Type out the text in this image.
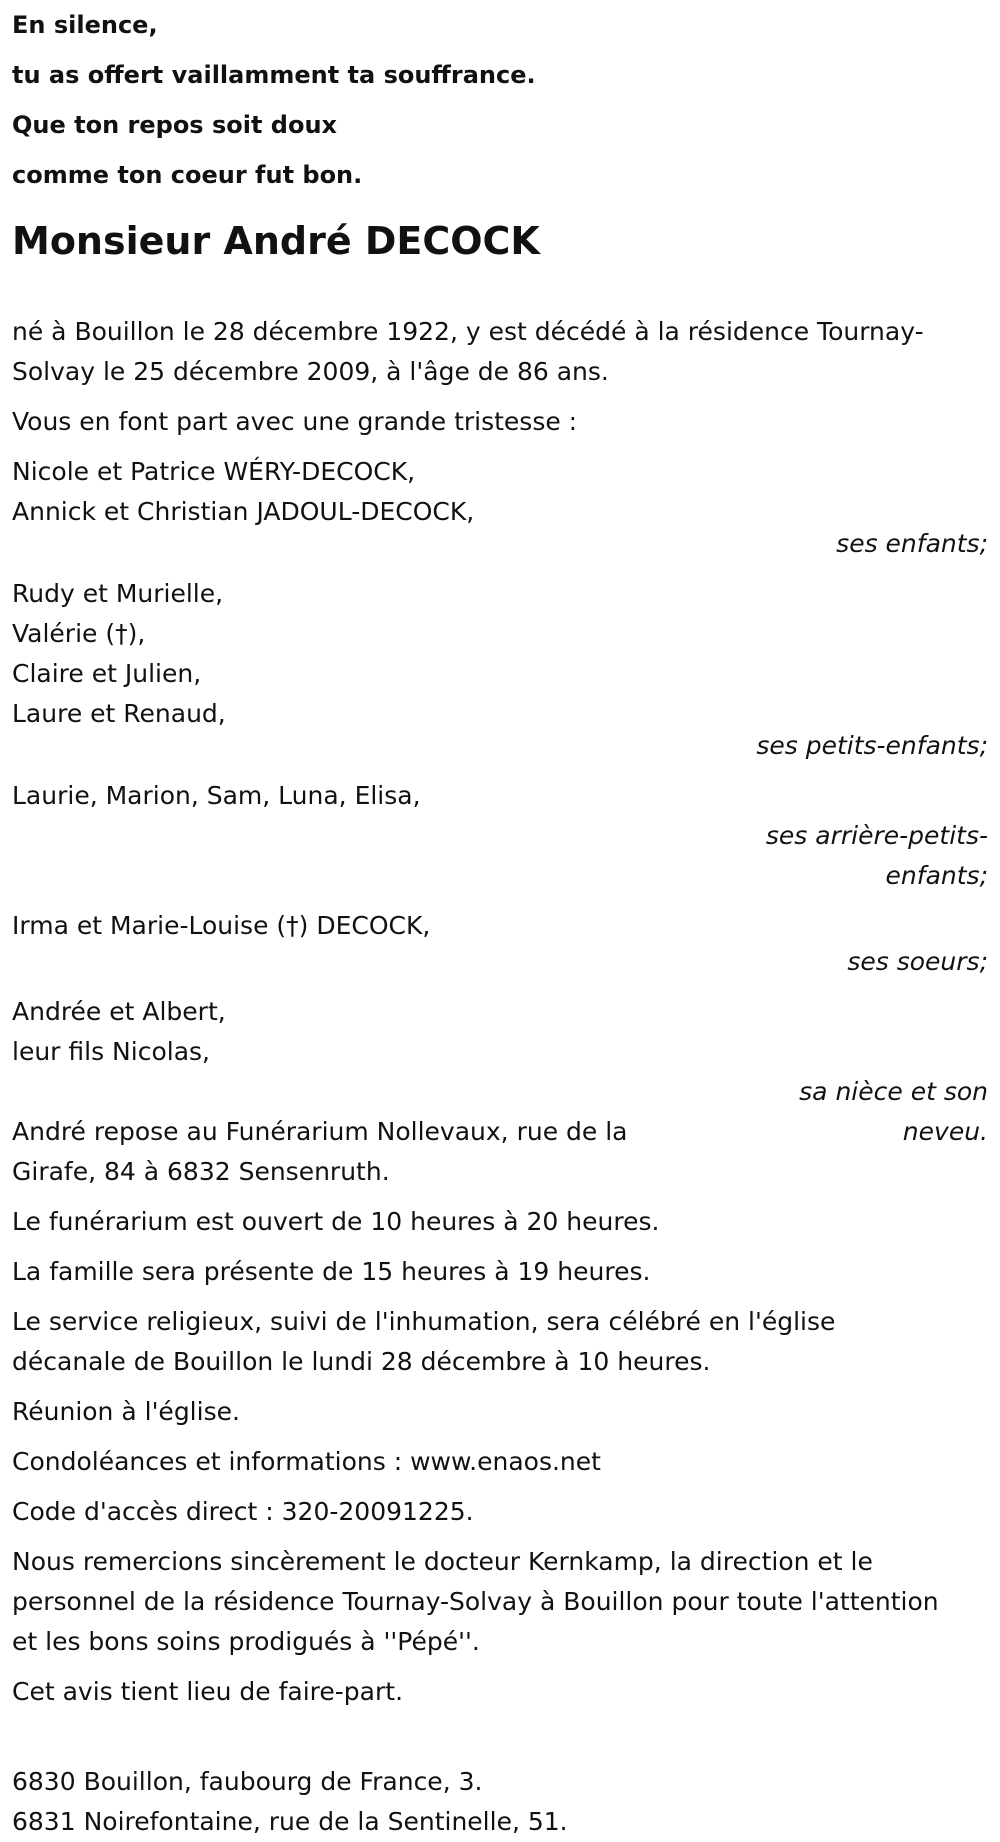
En silence,

tu as offert vaillamment ta souffrance.

Que ton repos soit doux

comme ton coeur fut bon.

Monsieur André DECOCK

né à Bouillon le 28 décembre 1922, y est décédé à la résidence Tournay-Solvay le 25 décembre 2009, à l'âge de 86 ans.

Vous en font part avec une grande tristesse :

Nicole et Patrice WÉRY-DECOCK,
Annick et Christian JADOUL-DECOCK,

ses enfants;

Rudy et Murielle,
Valérie (†),
Claire et Julien,
Laure et Renaud,

ses petits-enfants;

Laurie, Marion, Sam, Luna, Elisa,

ses arrière-petits-
enfants;

Irma et Marie-Louise (†) DECOCK,

ses soeurs;

Andrée et Albert,
leur fils Nicolas,

sa nièce et son
neveu.

André repose au Funérarium Nollevaux, rue de la
Girafe, 84 à 6832 Sensenruth.

Le funérarium est ouvert de 10 heures à 20 heures.

La famille sera présente de 15 heures à 19 heures.

Le service religieux, suivi de l'inhumation, sera célébré en l'église décanale de Bouillon le lundi 28 décembre à 10 heures.

Réunion à l'église.

Condoléances et informations : www.enaos.net

Code d'accès direct : 320-20091225.

Nous remercions sincèrement le docteur Kernkamp, la direction et le personnel de la résidence Tournay-Solvay à Bouillon pour toute l'attention et les bons soins prodigués à ''Pépé''.

Cet avis tient lieu de faire-part.

6830 Bouillon, faubourg de France, 3.

6831 Noirefontaine, rue de la Sentinelle, 51.
